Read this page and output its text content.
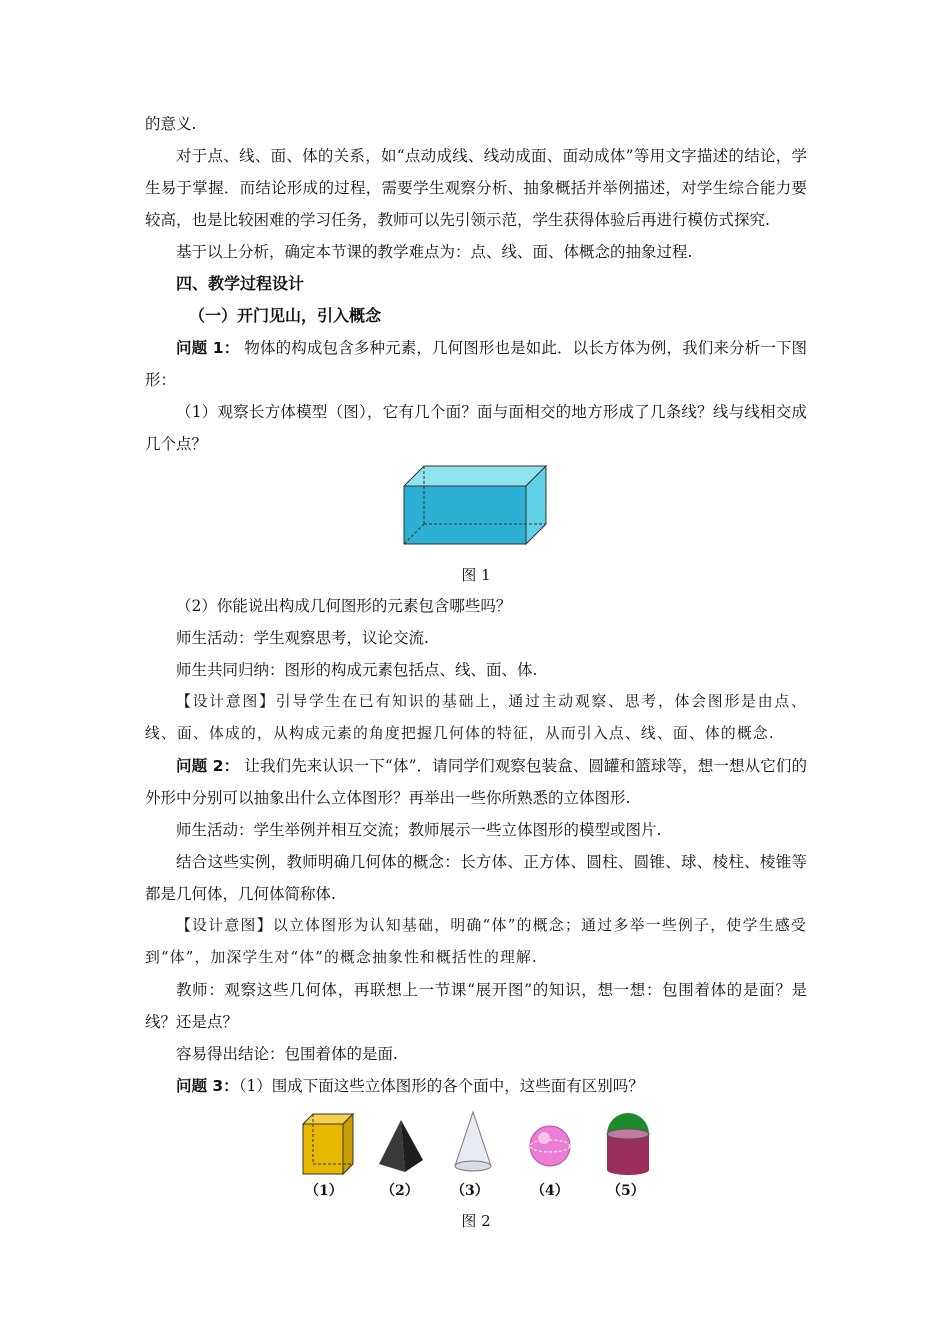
的意义.

对于点、线、面、体的关系，如“点动成线、线动成面、面动成体”等用文字描述的结论，学生易于掌握．而结论形成的过程，需要学生观察分析、抽象概括并举例描述，对学生综合能力要较高，也是比较困难的学习任务，教师可以先引领示范，学生获得体验后再进行模仿式探究.

基于以上分析，确定本节课的教学难点为：点、线、面、体概念的抽象过程.

四、教学过程设计

（一）开门见山，引入概念

问题 1： 物体的构成包含多种元素，几何图形也是如此．以长方体为例，我们来分析一下图形：

（1）观察长方体模型（图），它有几个面？面与面相交的地方形成了几条线？线与线相交成几个点？

图 1

（2）你能说出构成几何图形的元素包含哪些吗？

师生活动：学生观察思考，议论交流.

师生共同归纳：图形的构成元素包括点、线、面、体.

【设计意图】引导学生在已有知识的基础上，通过主动观察、思考，体会图形是由点、线、面、体成的，从构成元素的角度把握几何体的特征，从而引入点、线、面、体的概念.

问题 2： 让我们先来认识一下“体”．请同学们观察包装盒、圆罐和篮球等，想一想从它们的外形中分别可以抽象出什么立体图形？再举出一些你所熟悉的立体图形.

师生活动：学生举例并相互交流；教师展示一些立体图形的模型或图片.

结合这些实例，教师明确几何体的概念：长方体、正方体、圆柱、圆锥、球、棱柱、棱锥等都是几何体，几何体简称体.

【设计意图】以立体图形为认知基础，明确“体”的概念；通过多举一些例子，使学生感受到“体”，加深学生对“体”的概念抽象性和概括性的理解.

教师：观察这些几何体，再联想上一节课“展开图”的知识，想一想：包围着体的是面？是线？还是点？

容易得出结论：包围着体的是面.

问题 3：（1）围成下面这些立体图形的各个面中，这些面有区别吗？

（1）	（2） （3）	（4）	（5）

图 2
